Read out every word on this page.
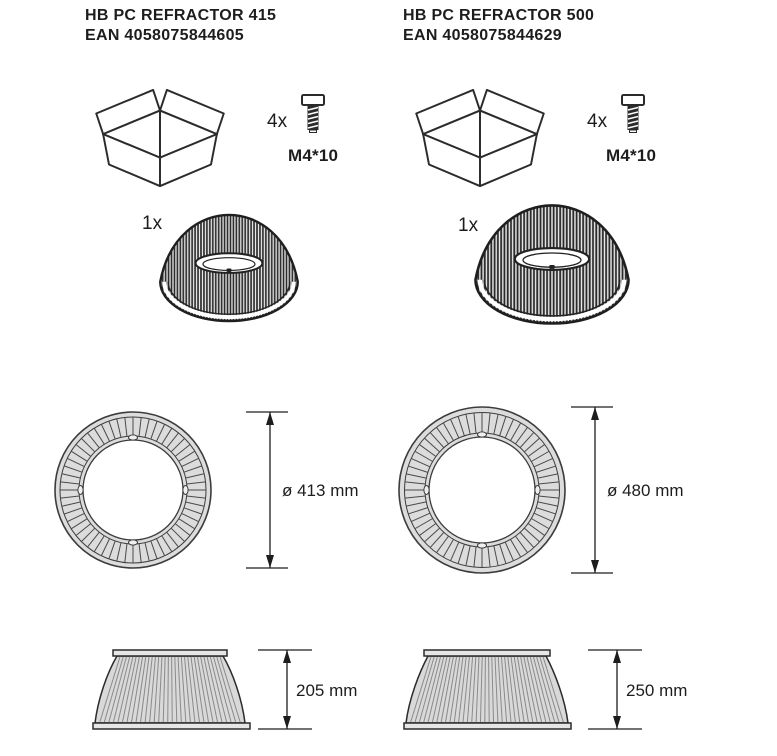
HB PC REFRACTOR 415
EAN 4058075844605
4x
M4*10
1x
ø 413 mm
205 mm
HB PC REFRACTOR 500
EAN 4058075844629
4x
M4*10
1x
ø 480 mm
250 mm
